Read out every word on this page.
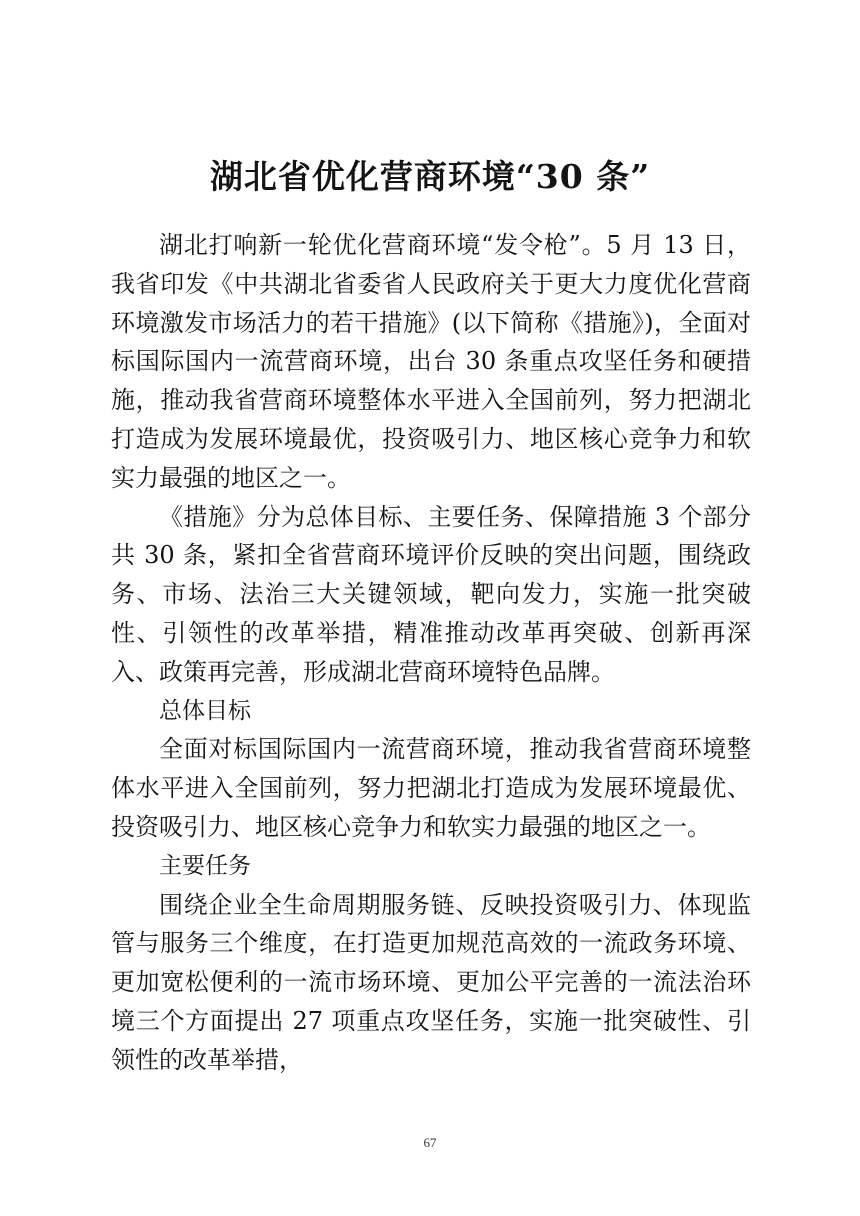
湖北省优化营商环境“30 条”

湖北打响新一轮优化营商环境“发令枪”。5 月 13 日，我省印发《中共湖北省委省人民政府关于更大力度优化营商环境激发市场活力的若干措施》(以下简称《措施》)，全面对标国际国内一流营商环境，出台 30 条重点攻坚任务和硬措施，推动我省营商环境整体水平进入全国前列，努力把湖北打造成为发展环境最优，投资吸引力、地区核心竞争力和软实力最强的地区之一。

《措施》分为总体目标、主要任务、保障措施 3 个部分共 30 条，紧扣全省营商环境评价反映的突出问题，围绕政务、市场、法治三大关键领域，靶向发力，实施一批突破性、引领性的改革举措，精准推动改革再突破、创新再深入、政策再完善，形成湖北营商环境特色品牌。

总体目标

全面对标国际国内一流营商环境，推动我省营商环境整体水平进入全国前列，努力把湖北打造成为发展环境最优、投资吸引力、地区核心竞争力和软实力最强的地区之一。

主要任务

围绕企业全生命周期服务链、反映投资吸引力、体现监管与服务三个维度，在打造更加规范高效的一流政务环境、更加宽松便利的一流市场环境、更加公平完善的一流法治环境三个方面提出 27 项重点攻坚任务，实施一批突破性、引领性的改革举措，

67
